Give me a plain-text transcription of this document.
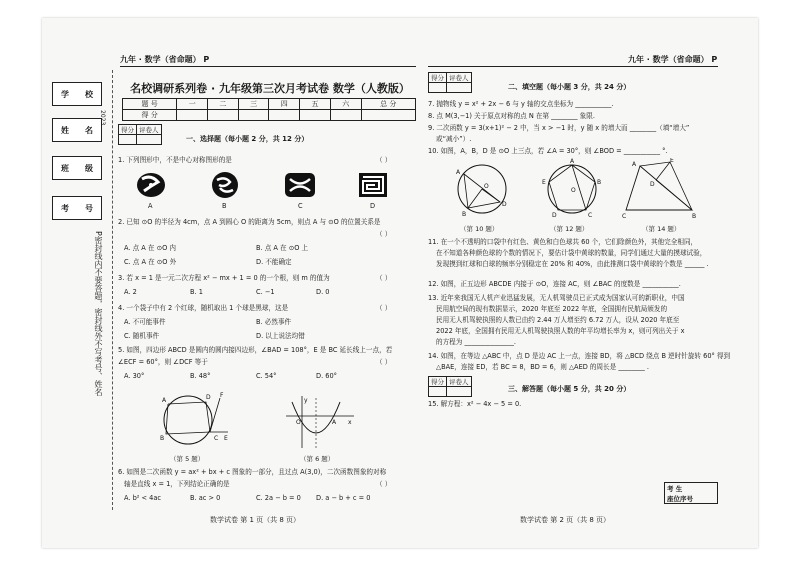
九年 · 数学（省命题） P	九年 · 数学（省命题） P
学 校
姓 名
班 级
考 号
2023
P密封线内不要答题，密封线外不写考号、姓名
名校调研系列卷 · 九年级第三次月考试卷 数学（人教版）
题 号	一	二	三	四	五	六	总 分
得 分							
得分	评卷人

一、选择题（每小题 2 分，共 12 分）
1. 下列图形中，不是中心对称图形的是	（ ）
A	B	C	D
2. 已知 ⊙O 的半径为 4cm，点 A 到圆心 O 的距离为 5cm，则点 A 与 ⊙O 的位置关系是
（ ）
A. 点 A 在 ⊙O 内	B. 点 A 在 ⊙O 上
C. 点 A 在 ⊙O 外	D. 不能确定
3. 若 x = 1 是一元二次方程 x² − mx + 1 = 0 的一个根，则 m 的值为	（ ）
A. 2	B. 1	C. −1	D. 0
4. 一个袋子中有 2 个红球，随机取出 1 个球是黑球，这是	（ ）
A. 不可能事件	B. 必然事件
C. 随机事件	D. 以上说法均错
5. 如图，四边形 ABCD 是圆内的圆内接四边形，∠BAD = 108°，E 是 BC 延长线上一点，若
∠ECF = 60°，则 ∠DCF 等于	（ ）
A. 30°	B. 48°	C. 54°	D. 60°
A	D
C E
B
F
（第 5 题）
O	A x
y
（第 6 题）
6. 如图是二次函数 y = ax² + bx + c 图象的一部分，且过点 A(3,0)，二次函数图象的对称
轴是直线 x = 1，下列结论正确的是	（ ）
A. b² < 4ac	B. ac > 0	C. 2a − b = 0 D. a − b + c = 0
数学试卷 第 1 页（共 8 页）
得分	评卷人

二、填空题（每小题 3 分，共 24 分）
7. 抛物线 y = x² + 2x − 6 与 y 轴的交点坐标为 ___________.
8. 点 M(3,−1) 关于原点对称的点 N 在第 ________ 象限.
9. 二次函数 y = 3(x+1)² − 2 中，当 x > −1 时，y 随 x 的增大而 ________（填“增大”
或“减小”）.
10. 如图，A，B，D 是 ⊙O 上三点，若 ∠A = 30°，则 ∠BOD = ___________ °.
A
D
B
O
（第 10 题）
A
B
C
D
E
O
（第 12 题）
A
E
D
C	B
（第 14 题）
11. 在一个不透明的口袋中有红色、黄色和白色球共 60 个，它们除颜色外，其他完全相同，
在不知道各种颜色球的个数的情况下，要估计袋中黄球的数量，同学们通过大量的摸球试验，
发现摸到红球和白球的频率分别稳定在 20% 和 40%，由此推测口袋中黄球的个数是 ______ .
12. 如图，正五边形 ABCDE 内接于 ⊙O，连接 AC，则 ∠BAC 的度数是 ___________.
13. 近年来我国无人机产业迅猛发展，无人机驾驶员已正式成为国家认可的新职业，中国
民用航空局的现有数据显示，2020 年底至 2022 年底，全国拥有民航局颁发的
民用无人机驾驶执照的人数已由约 2.44 万人增至约 6.72 万人，设从 2020 年底至
2022 年底，全国拥有民用无人机驾驶执照人数的年平均增长率为 x，则可列出关于 x
的方程为 _______________.
14. 如图，在等边 △ABC 中，点 D 是边 AC 上一点，连接 BD，将 △BCD 绕点 B 逆时针旋转 60° 得到
△BAE，连接 ED，若 BC = 8，BD = 6，则 △AED 的周长是 ________ .
得分	评卷人

三、解答题（每小题 5 分，共 20 分）
15. 解方程：x² − 4x − 5 = 0.
考 生
座位序号
数学试卷 第 2 页（共 8 页）
